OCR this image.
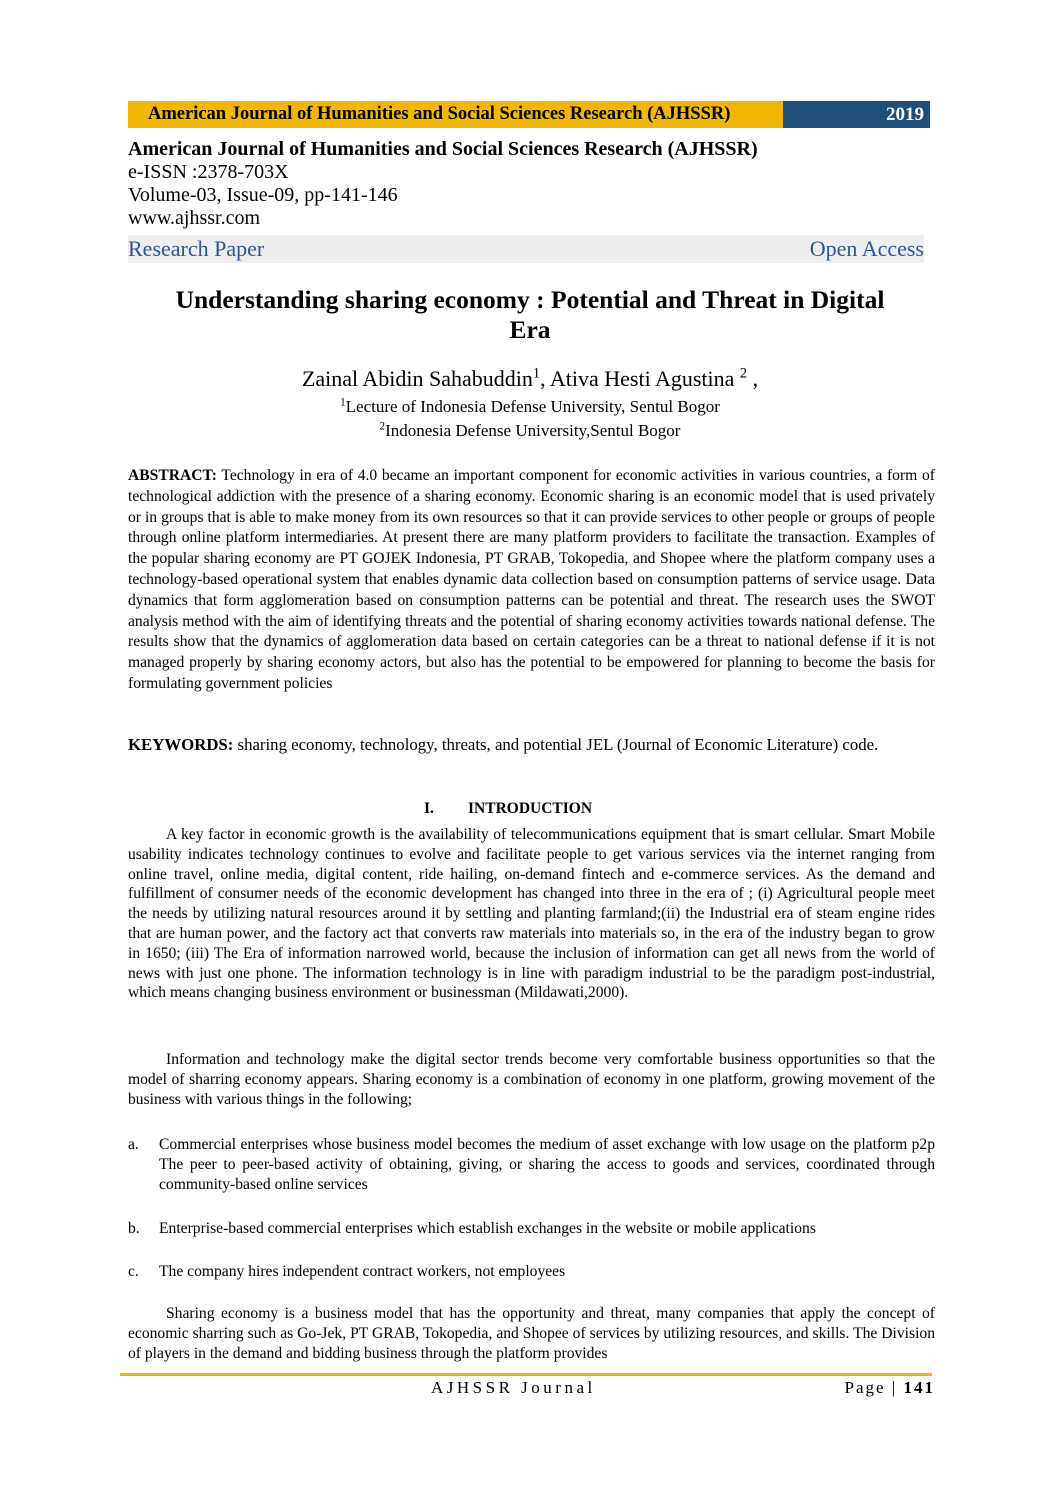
American Journal of Humanities and Social Sciences Research (AJHSSR)	2019
American Journal of Humanities and Social Sciences Research (AJHSSR)
e-ISSN :2378-703X
Volume-03, Issue-09, pp-141-146
www.ajhssr.com
Research Paper	Open Access
Understanding sharing economy : Potential and Threat in Digital
Era
Zainal Abidin Sahabuddin$^1$, Ativa Hesti Agustina $^2$ ,
$^1$Lecture of Indonesia Defense University, Sentul Bogor
$^2$Indonesia Defense University,Sentul Bogor
ABSTRACT: Technology in era of 4.0 became an important component for economic activities in various countries, a form of technological addiction with the presence of a sharing economy. Economic sharing is an economic model that is used privately or in groups that is able to make money from its own resources so that it can provide services to other people or groups of people through online platform intermediaries. At present there are many platform providers to facilitate the transaction. Examples of the popular sharing economy are PT GOJEK Indonesia, PT GRAB, Tokopedia, and Shopee where the platform company uses a technology-based operational system that enables dynamic data collection based on consumption patterns of service usage. Data dynamics that form agglomeration based on consumption patterns can be potential and threat. The research uses the SWOT analysis method with the aim of identifying threats and the potential of sharing economy activities towards national defense. The results show that the dynamics of agglomeration data based on certain categories can be a threat to national defense if it is not managed properly by sharing economy actors, but also has the potential to be empowered for planning to become the basis for formulating government policies
KEYWORDS: sharing economy, technology, threats, and potential JEL (Journal of Economic Literature) code.
I. INTRODUCTION
A key factor in economic growth is the availability of telecommunications equipment that is smart cellular. Smart Mobile usability indicates technology continues to evolve and facilitate people to get various services via the internet ranging from online travel, online media, digital content, ride hailing, on-demand fintech and e-commerce services. As the demand and fulfillment of consumer needs of the economic development has changed into three in the era of ; (i) Agricultural people meet the needs by utilizing natural resources around it by settling and planting farmland;(ii) the Industrial era of steam engine rides that are human power, and the factory act that converts raw materials into materials so, in the era of the industry began to grow in 1650; (iii) The Era of information narrowed world, because the inclusion of information can get all news from the world of news with just one phone. The information technology is in line with paradigm industrial to be the paradigm post-industrial, which means changing business environment or businessman (Mildawati,2000).
Information and technology make the digital sector trends become very comfortable business opportunities so that the model of sharring economy appears. Sharing economy is a combination of economy in one platform, growing movement of the business with various things in the following;
a. Commercial enterprises whose business model becomes the medium of asset exchange with low usage on the platform p2p The peer to peer-based activity of obtaining, giving, or sharing the access to goods and services, coordinated through community-based online services
b. Enterprise-based commercial enterprises which establish exchanges in the website or mobile applications
c. The company hires independent contract workers, not employees
Sharing economy is a business model that has the opportunity and threat, many companies that apply the concept of economic sharring such as Go-Jek, PT GRAB, Tokopedia, and Shopee of services by utilizing resources, and skills. The Division of players in the demand and bidding business through the platform provides
AJHSSR Journal	Page | 141
